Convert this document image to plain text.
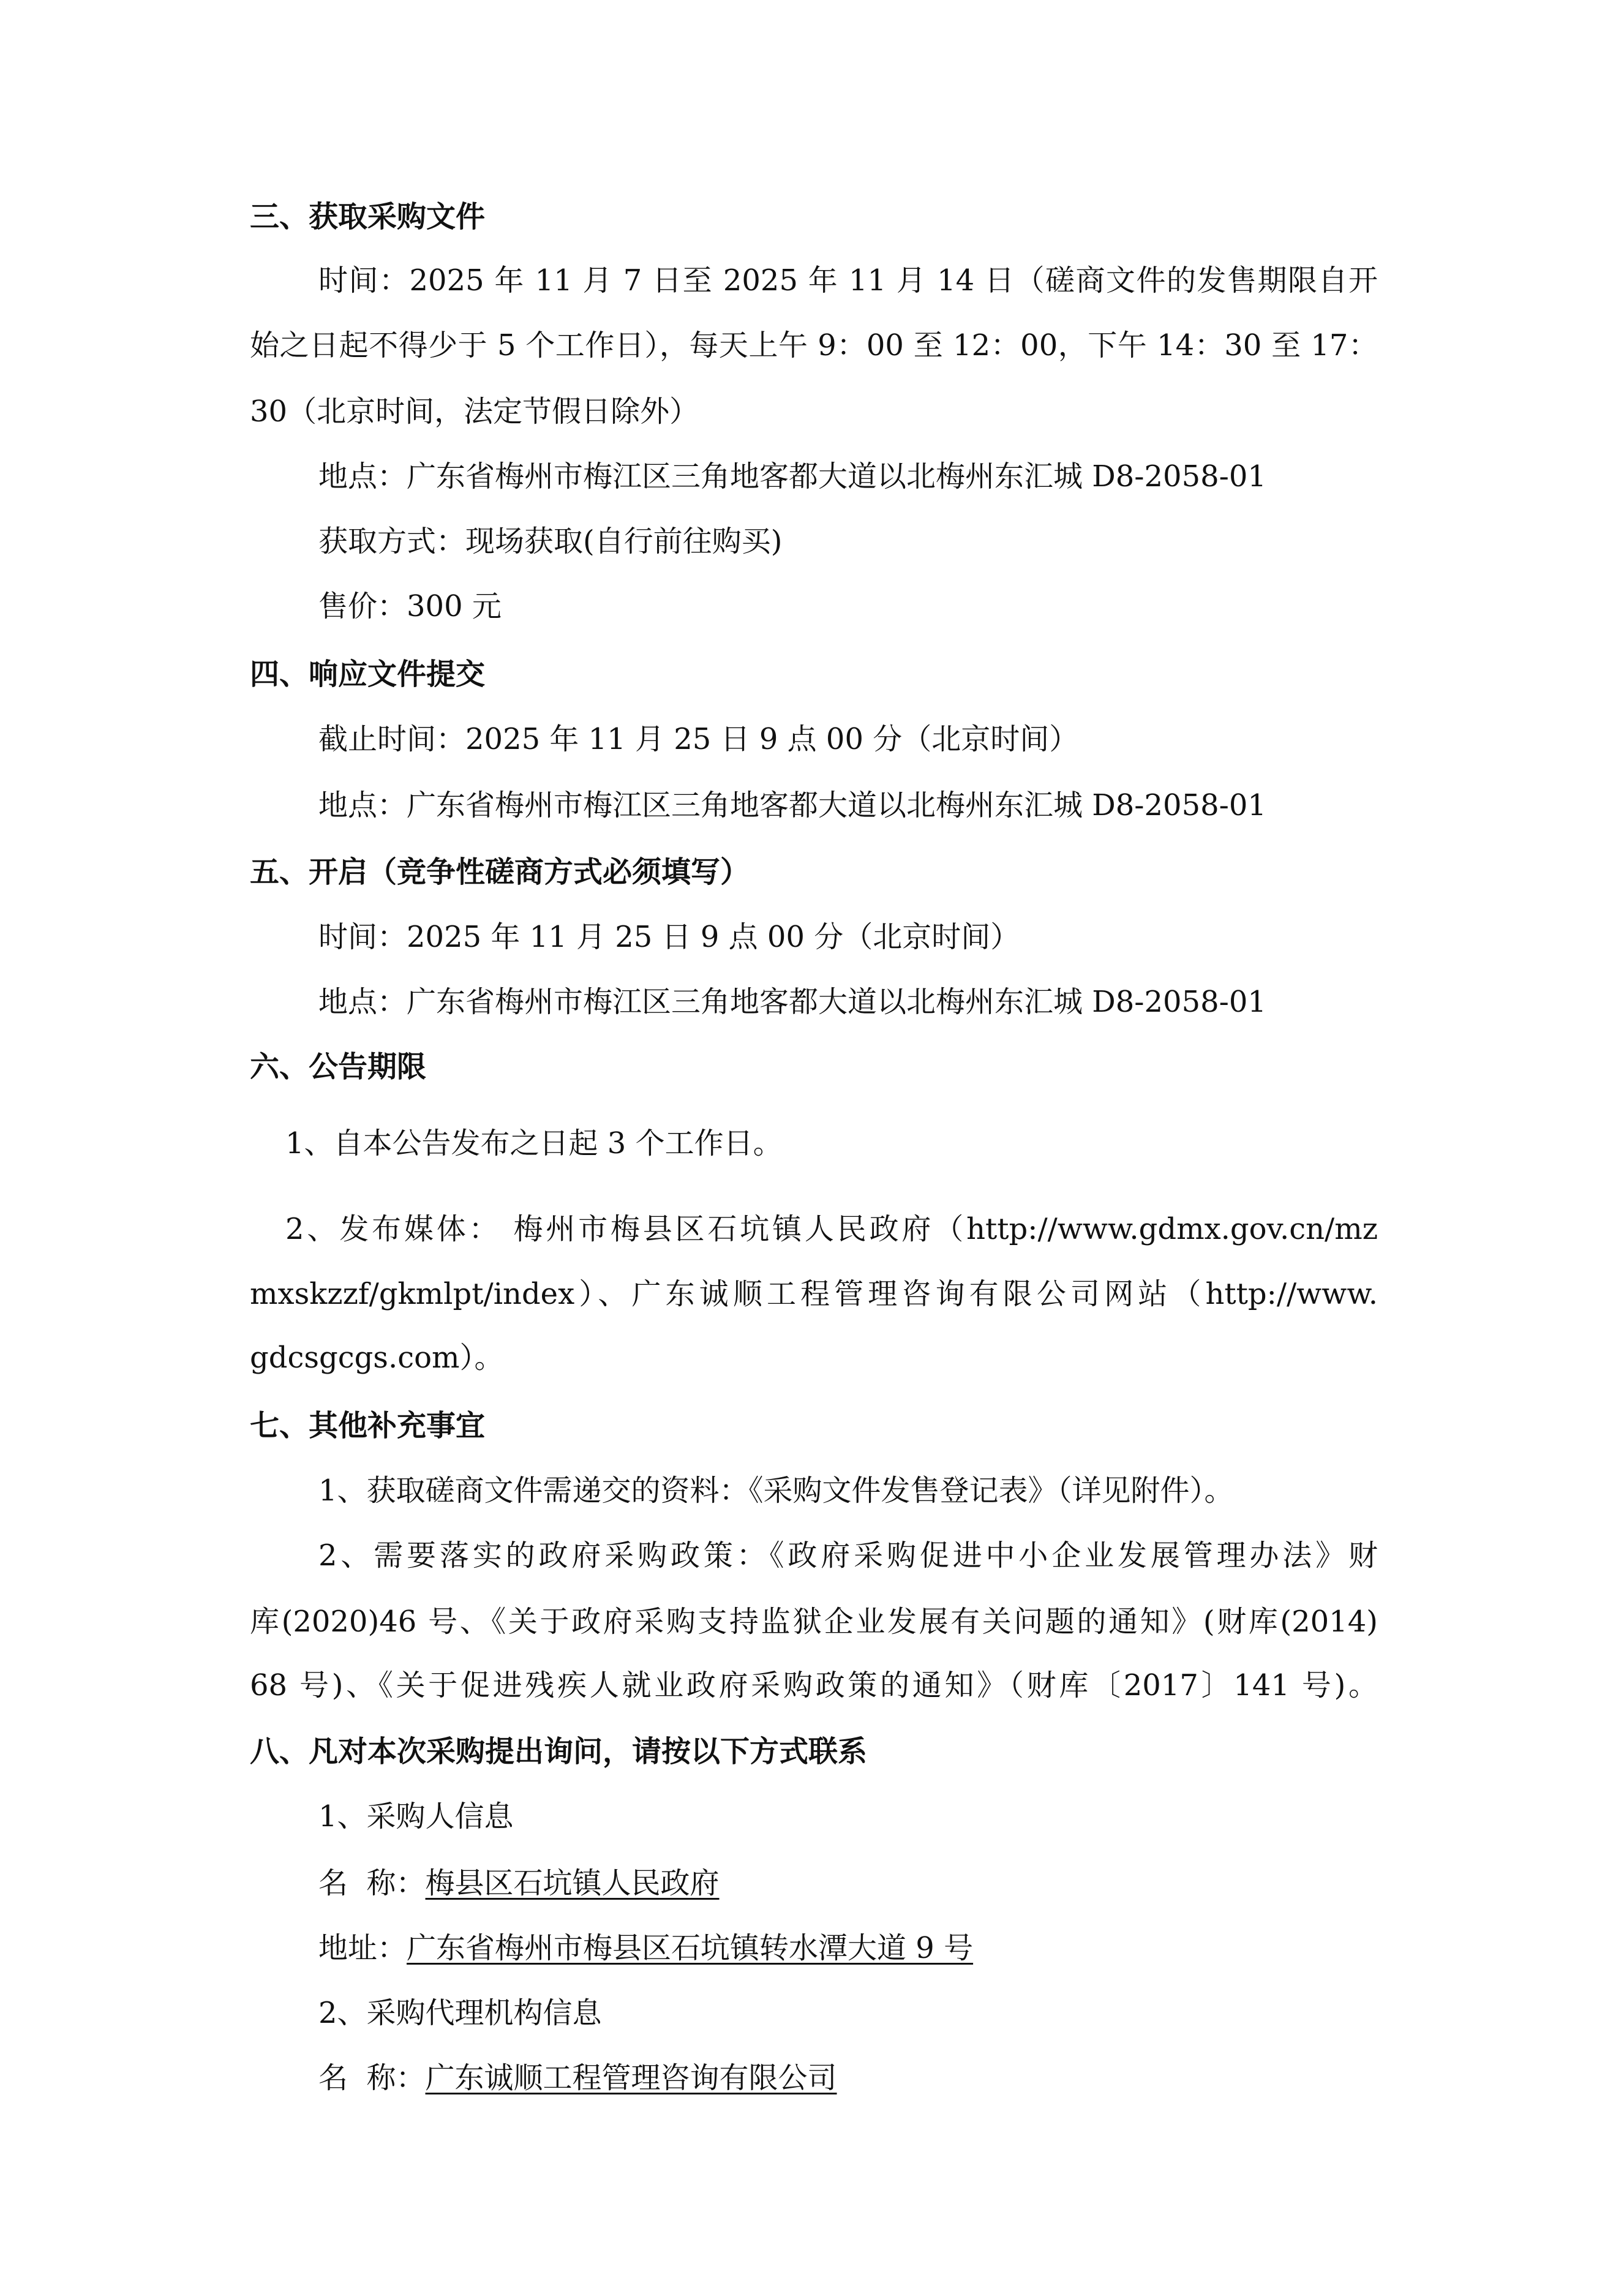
三、获取采购文件
时间：2025 年 11 月 7 日至 2025 年 11 月 14 日（磋商文件的发售期限自开
始之日起不得少于 5 个工作日），每天上午 9：00 至 12：00，下午 14：30 至 17：
30（北京时间，法定节假日除外）
地点：广东省梅州市梅江区三角地客都大道以北梅州东汇城 D8-2058-01
获取方式：现场获取(自行前往购买)
售价：300 元
四、响应文件提交
截止时间：2025 年 11 月 25 日 9 点 00 分（北京时间）
地点：广东省梅州市梅江区三角地客都大道以北梅州东汇城 D8-2058-01
五、开启（竞争性磋商方式必须填写）
时间：2025 年 11 月 25 日 9 点 00 分（北京时间）
地点：广东省梅州市梅江区三角地客都大道以北梅州东汇城 D8-2058-01
六、公告期限
1、自本公告发布之日起 3 个工作日。
2、发布媒体： 梅州市梅县区石坑镇人民政府（http://www.gdmx.gov.cn/mz
mxskzzf/gkmlpt/index）、广东诚顺工程管理咨询有限公司网站（http://www.
gdcsgcgs.com）。
七、其他补充事宜
1、获取磋商文件需递交的资料：《采购文件发售登记表》（详见附件）。
2、需要落实的政府采购政策：《政府采购促进中小企业发展管理办法》财
库(2020)46 号、《关于政府采购支持监狱企业发展有关问题的通知》(财库(2014)
68 号)、《关于促进残疾人就业政府采购政策的通知》（财库〔2017〕141 号)。
八、凡对本次采购提出询问，请按以下方式联系
1、采购人信息
名  称：梅县区石坑镇人民政府
地址：广东省梅州市梅县区石坑镇转水潭大道 9 号
2、采购代理机构信息
名  称：广东诚顺工程管理咨询有限公司
